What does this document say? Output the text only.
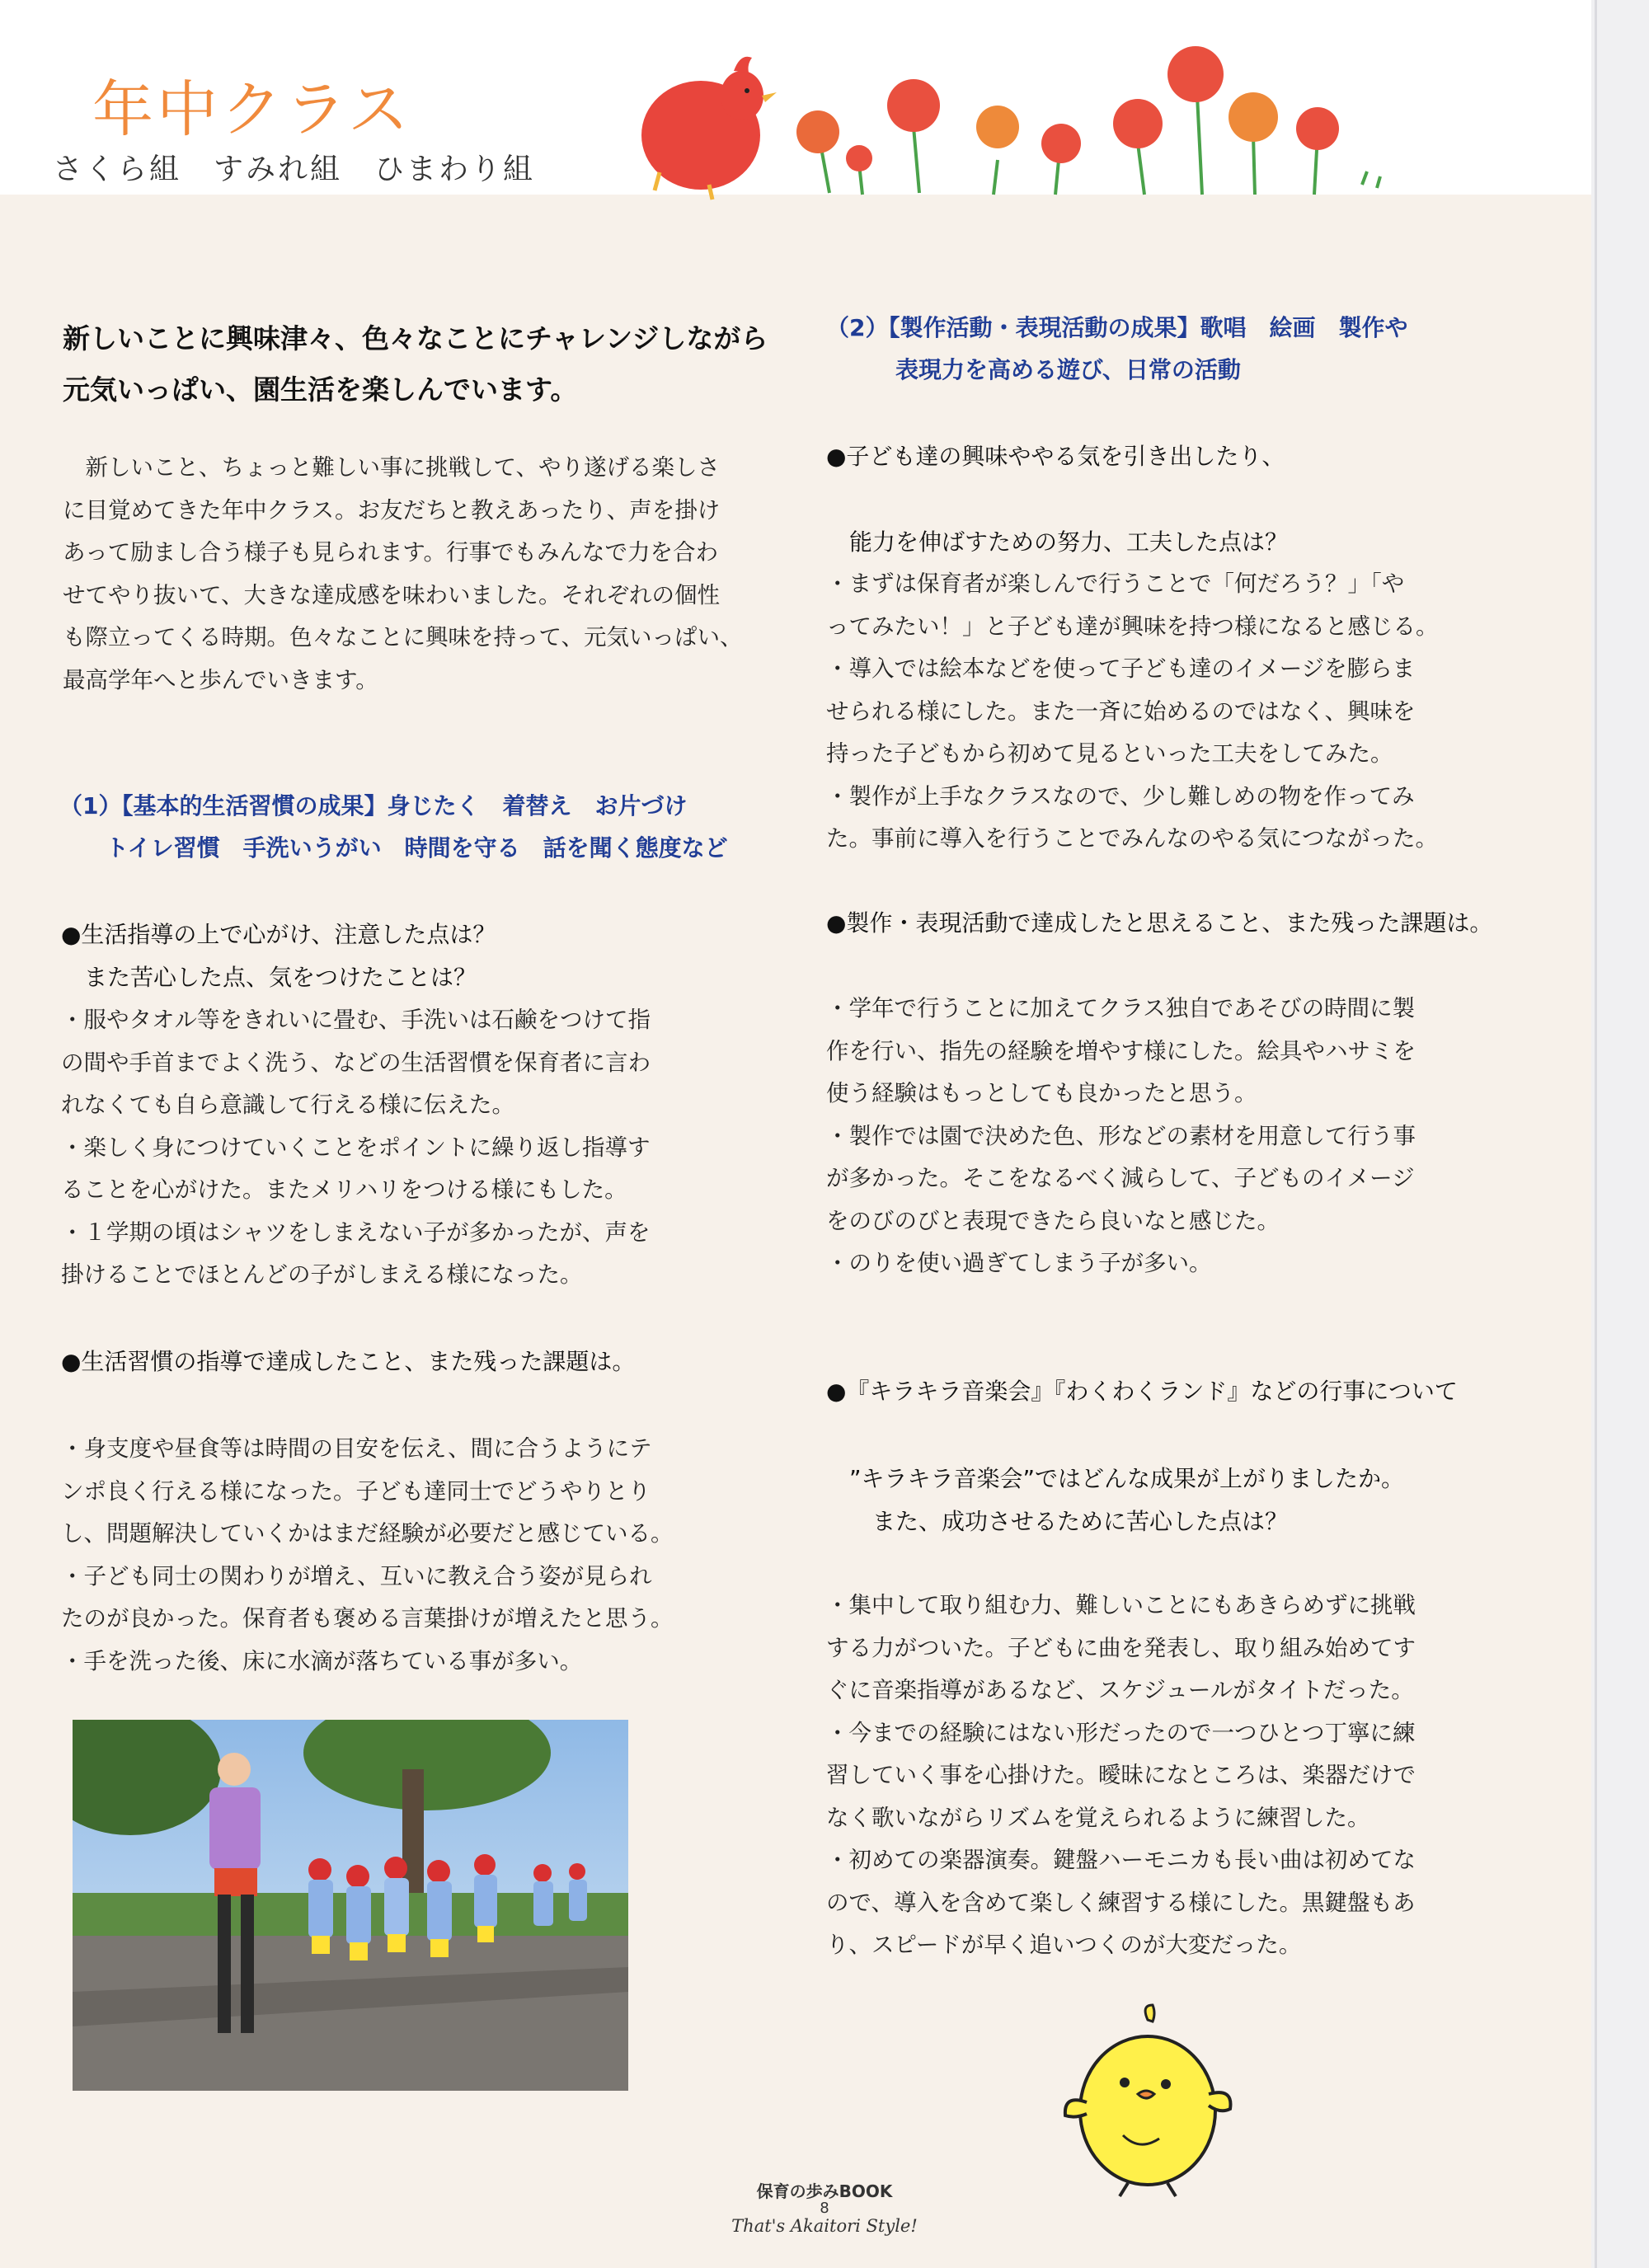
年中クラス
さくら組　すみれ組　ひまわり組
新しいことに興味津々、色々なことにチャレンジしながら
元気いっぱい、園生活を楽しんでいます。
　新しいこと、ちょっと難しい事に挑戦して、やり遂げる楽しさ
に目覚めてきた年中クラス。お友だちと教えあったり、声を掛け
あって励まし合う様子も見られます。行事でもみんなで力を合わ
せてやり抜いて、大きな達成感を味わいました。それぞれの個性
も際立ってくる時期。色々なことに興味を持って、元気いっぱい、
最高学年へと歩んでいきます。
（1）【基本的生活習慣の成果】身じたく　着替え　お片づけ
　　トイレ習慣　手洗いうがい　時間を守る　話を聞く態度など
●生活指導の上で心がけ、注意した点は？
　また苦心した点、気をつけたことは？
・服やタオル等をきれいに畳む、手洗いは石鹸をつけて指
の間や手首までよく洗う、などの生活習慣を保育者に言わ
れなくても自ら意識して行える様に伝えた。
・楽しく身につけていくことをポイントに繰り返し指導す
ることを心がけた。またメリハリをつける様にもした。
・１学期の頃はシャツをしまえない子が多かったが、声を
掛けることでほとんどの子がしまえる様になった。
●生活習慣の指導で達成したこと、また残った課題は。
・身支度や昼食等は時間の目安を伝え、間に合うようにテ
ンポ良く行える様になった。子ども達同士でどうやりとり
し、問題解決していくかはまだ経験が必要だと感じている。
・子ども同士の関わりが増え、互いに教え合う姿が見られ
たのが良かった。保育者も褒める言葉掛けが増えたと思う。
・手を洗った後、床に水滴が落ちている事が多い。
（2）【製作活動・表現活動の成果】歌唱　絵画　製作や
　　　表現力を高める遊び、日常の活動
●子ども達の興味ややる気を引き出したり、
　能力を伸ばすための努力、工夫した点は？
・まずは保育者が楽しんで行うことで「何だろう？」「や
ってみたい！」と子ども達が興味を持つ様になると感じる。
・導入では絵本などを使って子ども達のイメージを膨らま
せられる様にした。また一斉に始めるのではなく、興味を
持った子どもから初めて見るといった工夫をしてみた。
・製作が上手なクラスなので、少し難しめの物を作ってみ
た。事前に導入を行うことでみんなのやる気につながった。
●製作・表現活動で達成したと思えること、また残った課題は。
・学年で行うことに加えてクラス独自であそびの時間に製
作を行い、指先の経験を増やす様にした。絵具やハサミを
使う経験はもっとしても良かったと思う。
・製作では園で決めた色、形などの素材を用意して行う事
が多かった。そこをなるべく減らして、子どものイメージ
をのびのびと表現できたら良いなと感じた。
・のりを使い過ぎてしまう子が多い。
●『キラキラ音楽会』『わくわくランド』などの行事について
　”キラキラ音楽会”ではどんな成果が上がりましたか。
　　また、成功させるために苦心した点は？
・集中して取り組む力、難しいことにもあきらめずに挑戦
する力がついた。子どもに曲を発表し、取り組み始めてす
ぐに音楽指導があるなど、スケジュールがタイトだった。
・今までの経験にはない形だったので一つひとつ丁寧に練
習していく事を心掛けた。曖昧になところは、楽器だけで
なく歌いながらリズムを覚えられるように練習した。
・初めての楽器演奏。鍵盤ハーモニカも長い曲は初めてな
ので、導入を含めて楽しく練習する様にした。黒鍵盤もあ
り、スピードが早く追いつくのが大変だった。
保育の歩みBOOK
8
That's Akaitori Style!
